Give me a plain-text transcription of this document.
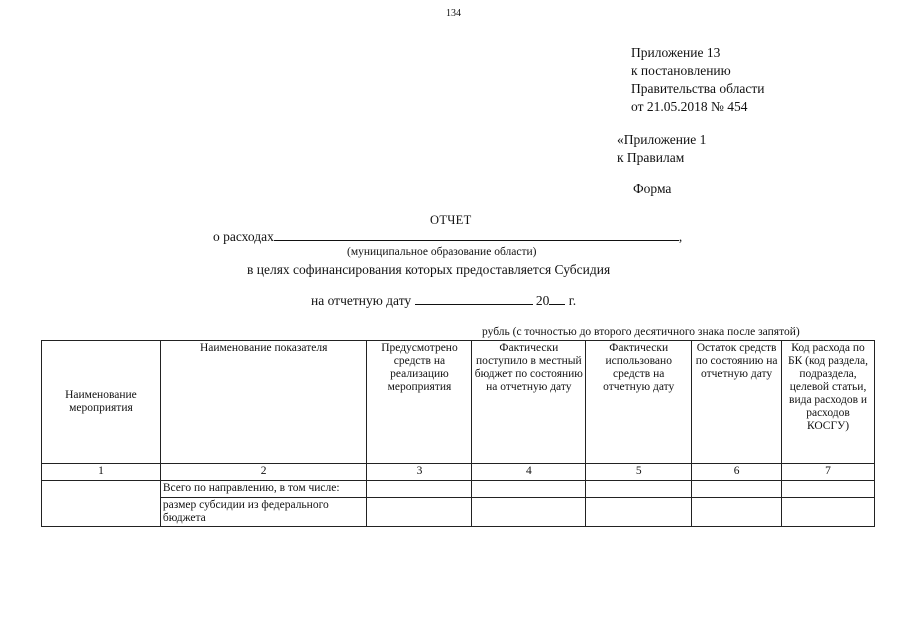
134
Приложение 13
к постановлению
Правительства области
от 21.05.2018 № 454
«Приложение 1
к Правилам
Форма
ОТЧЕТ
о расходах	,
(муниципальное образование области)
в целях софинансирования которых предоставляется Субсидия
на отчетную дату	20 г.
рубль (с точностью до второго десятичного знака после запятой)
Наименование мероприятия	Наименование показателя	Предусмотрено средств на реализацию мероприятия	Фактически поступило в местный бюджет по состоянию на отчетную дату	Фактически использовано средств на отчетную дату	Остаток средств по состоянию на отчетную дату	Код расхода по БК (код раздела, подраздела, целевой статьи, вида расходов и расходов КОСГУ)
1	2	3	4	5	6	7
	Всего по направлению, в том числе:					
	размер субсидии из федерального бюджета					
